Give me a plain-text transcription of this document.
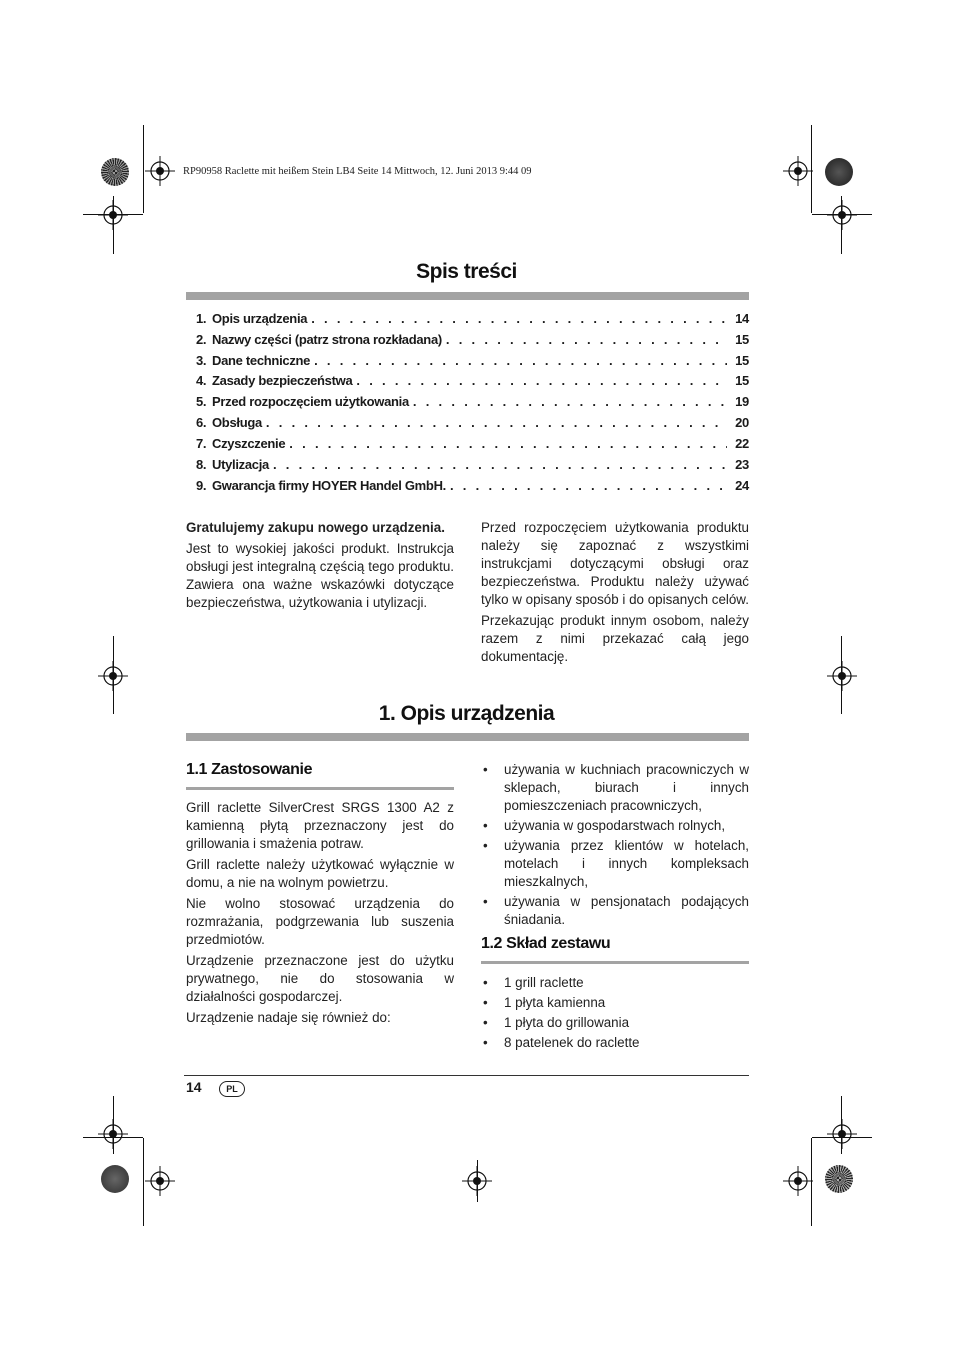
RP90958 Raclette mit heißem Stein LB4 Seite 14 Mittwoch, 12. Juni 2013 9:44 09
Spis treści
1. Opis urządzenia . . .	14
2. Nazwy części (patrz strona rozkładana) . . .	15
3. Dane techniczne . . .	15
4. Zasady bezpieczeństwa . . .	15
5. Przed rozpoczęciem użytkowania . . .	19
6. Obsługa . . .	20
7. Czyszczenie . . .	22
8. Utylizacja . . .	23
9. Gwarancja firmy HOYER Handel GmbH. . . .	24

Gratulujemy zakupu nowego urządzenia.

Jest to wysokiej jakości produkt. Instrukcja obsługi jest integralną częścią tego produktu. Zawiera ona ważne wskazówki dotyczące bezpieczeństwa, użytkowania i utylizacji.

Przed rozpoczęciem użytkowania produktu należy się zapoznać z wszystkimi instrukcjami dotyczącymi obsługi oraz bezpieczeństwa. Produktu należy używać tylko w opisany sposób i do opisanych celów.

Przekazując produkt innym osobom, należy razem z nimi przekazać całą jego dokumentację.

1. Opis urządzenia
1.1 Zastosowanie

Grill raclette SilverCrest SRGS 1300 A2 z kamienną płytą przeznaczony jest do grillowania i smażenia potraw.

Grill raclette należy użytkować wyłącznie w domu, a nie na wolnym powietrzu.

Nie wolno stosować urządzenia do rozmrażania, podgrzewania lub suszenia przedmiotów.

Urządzenie przeznaczone jest do użytku prywatnego, nie do stosowania w działalności gospodarczej.

Urządzenie nadaje się również do:

• używania w kuchniach pracowniczych w sklepach, biurach i innych pomieszczeniach pracowniczych,
• używania w gospodarstwach rolnych,
• używania przez klientów w hotelach, motelach i innych kompleksach mieszkalnych,
• używania w pensjonatach podających śniadania.
1.2 Skład zestawu
• 1 grill raclette
• 1 płyta kamienna
• 1 płyta do grillowania
• 8 patelenek do raclette
14	PL
